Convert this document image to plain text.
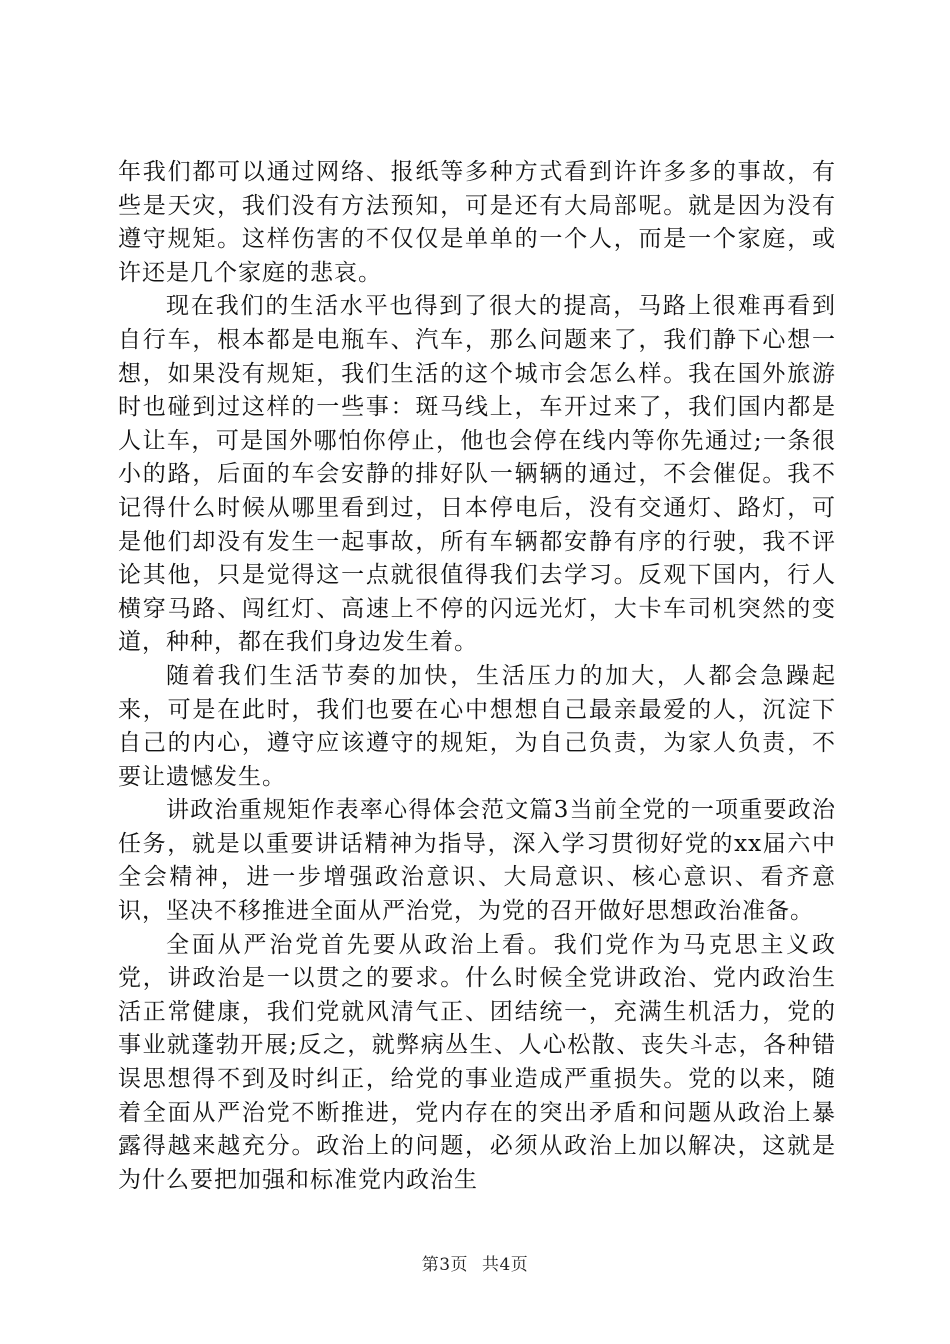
年我们都可以通过网络、报纸等多种方式看到许许多多的事故，有些是天灾，我们没有方法预知，可是还有大局部呢。就是因为没有遵守规矩。这样伤害的不仅仅是单单的一个人，而是一个家庭，或许还是几个家庭的悲哀。

现在我们的生活水平也得到了很大的提高，马路上很难再看到自行车，根本都是电瓶车、汽车，那么问题来了，我们静下心想一想，如果没有规矩，我们生活的这个城市会怎么样。我在国外旅游时也碰到过这样的一些事：斑马线上，车开过来了，我们国内都是人让车，可是国外哪怕你停止，他也会停在线内等你先通过;一条很小的路，后面的车会安静的排好队一辆辆的通过，不会催促。我不记得什么时候从哪里看到过，日本停电后，没有交通灯、路灯，可是他们却没有发生一起事故，所有车辆都安静有序的行驶，我不评论其他，只是觉得这一点就很值得我们去学习。反观下国内，行人横穿马路、闯红灯、高速上不停的闪远光灯，大卡车司机突然的变道，种种，都在我们身边发生着。

随着我们生活节奏的加快，生活压力的加大，人都会急躁起来，可是在此时，我们也要在心中想想自己最亲最爱的人，沉淀下自己的内心，遵守应该遵守的规矩，为自己负责，为家人负责，不要让遗憾发生。

讲政治重规矩作表率心得体会范文篇3当前全党的一项重要政治任务，就是以重要讲话精神为指导，深入学习贯彻好党的xx届六中全会精神，进一步增强政治意识、大局意识、核心意识、看齐意识，坚决不移推进全面从严治党，为党的召开做好思想政治准备。

全面从严治党首先要从政治上看。我们党作为马克思主义政党，讲政治是一以贯之的要求。什么时候全党讲政治、党内政治生活正常健康，我们党就风清气正、团结统一，充满生机活力，党的事业就蓬勃开展;反之，就弊病丛生、人心松散、丧失斗志，各种错误思想得不到及时纠正，给党的事业造成严重损失。党的以来，随着全面从严治党不断推进，党内存在的突出矛盾和问题从政治上暴露得越来越充分。政治上的问题，必须从政治上加以解决，这就是为什么要把加强和标准党内政治生

第3页 共4页
